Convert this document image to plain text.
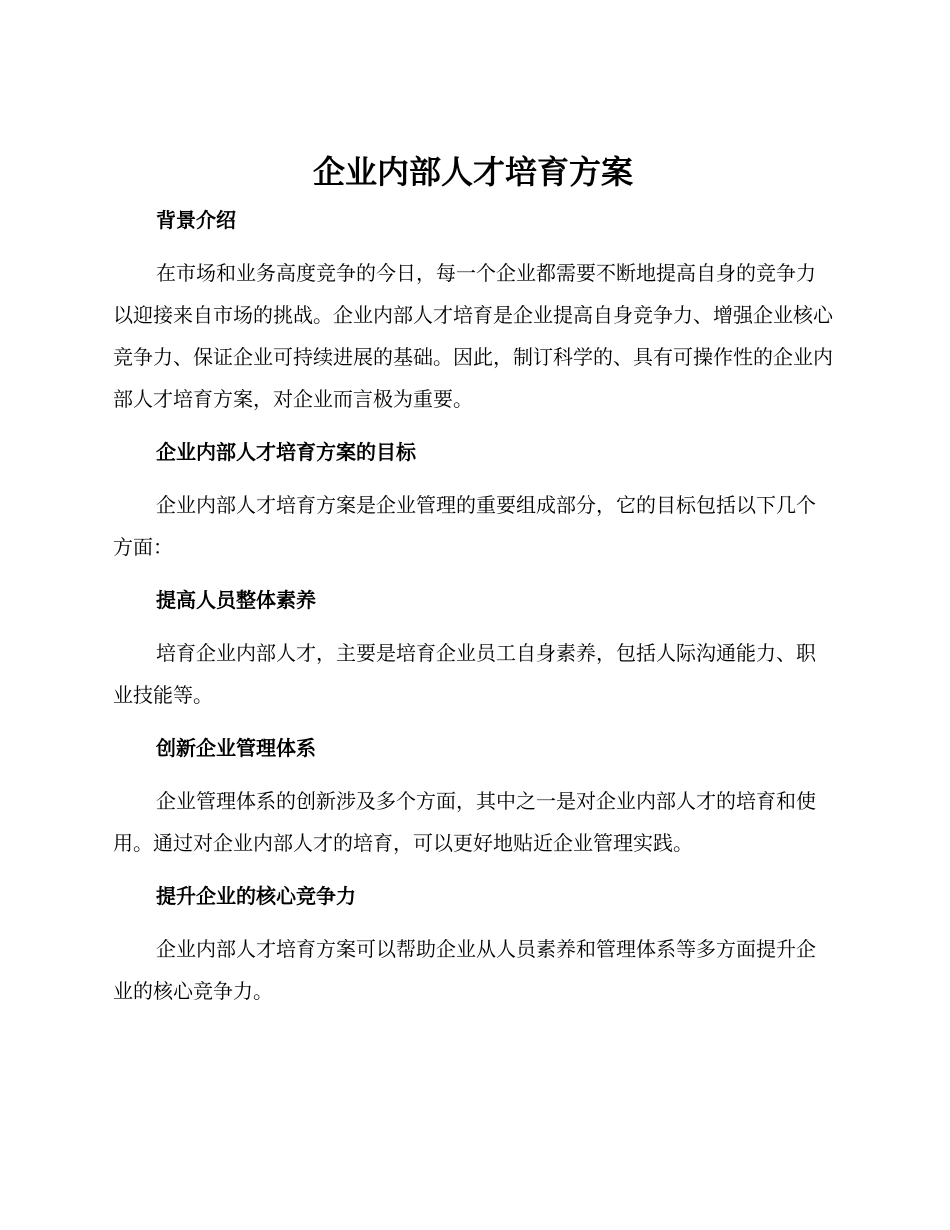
企业内部人才培育方案
背景介绍

在市场和业务高度竞争的今日，每一个企业都需要不断地提高自身的竞争力以迎接来自市场的挑战。企业内部人才培育是企业提高自身竞争力、增强企业核心竞争力、保证企业可持续进展的基础。因此，制订科学的、具有可操作性的企业内部人才培育方案，对企业而言极为重要。

企业内部人才培育方案的目标

企业内部人才培育方案是企业管理的重要组成部分，它的目标包括以下几个方面：

提高人员整体素养

培育企业内部人才，主要是培育企业员工自身素养，包括人际沟通能力、职业技能等。

创新企业管理体系

企业管理体系的创新涉及多个方面，其中之一是对企业内部人才的培育和使用。通过对企业内部人才的培育，可以更好地贴近企业管理实践。

提升企业的核心竞争力

企业内部人才培育方案可以帮助企业从人员素养和管理体系等多方面提升企业的核心竞争力。
